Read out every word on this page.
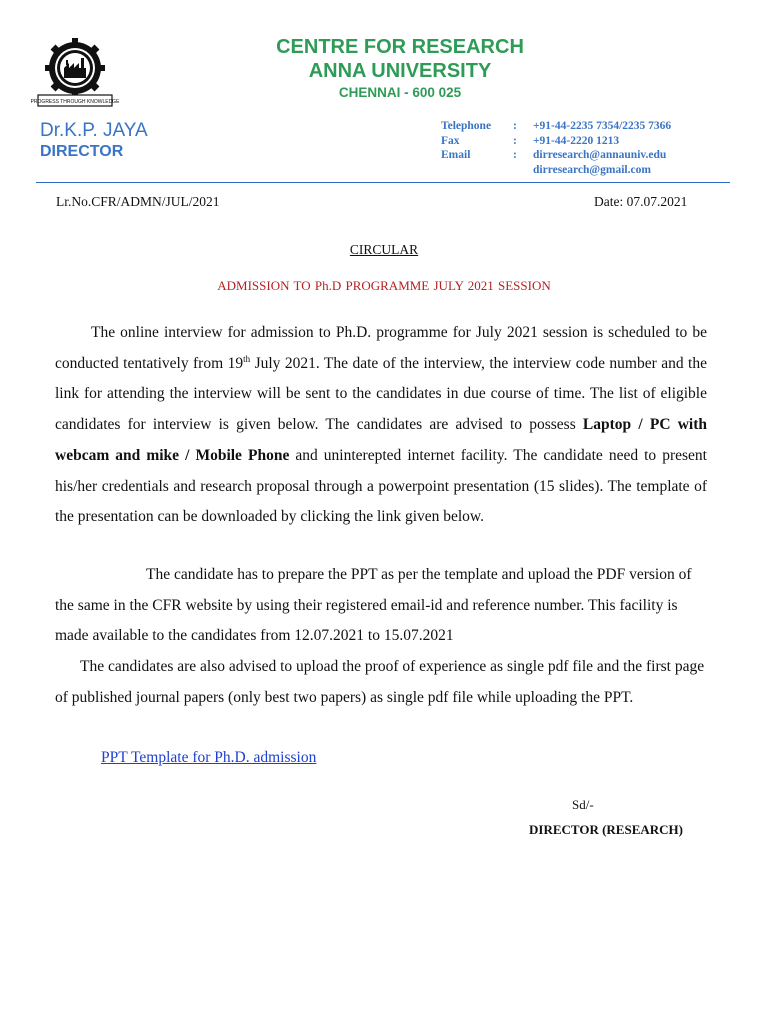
PROGRESS THROUGH KNOWLEDGE
CENTRE FOR RESEARCH
ANNA UNIVERSITY
CHENNAI - 600 025
Dr.K.P. JAYA
DIRECTOR
Telephone	:	+91-44-2235 7354/2235 7366
Fax	:	+91-44-2220 1213
Email	:	dirresearch@annauniv.edu
dirresearch@gmail.com
Lr.No.CFR/ADMN/JUL/2021	Date: 07.07.2021
CIRCULAR
ADMISSION TO Ph.D PROGRAMME JULY 2021 SESSION
The online interview for admission to Ph.D. programme for July 2021 session is scheduled to be conducted tentatively from 19th July 2021. The date of the interview, the interview code number and the link for attending the interview will be sent to the candidates in due course of time. The list of eligible candidates for interview is given below. The candidates are advised to possess Laptop / PC with webcam and mike / Mobile Phone and uninterepted internet facility. The candidate need to present his/her credentials and research proposal through a powerpoint presentation (15 slides). The template of the presentation can be downloaded by clicking the link given below.
The candidate has to prepare the PPT as per the template and upload the PDF version of the same in the CFR website by using their registered email-id and reference number. This facility is made available to the candidates from 12.07.2021 to 15.07.2021
The candidates are also advised to upload the proof of experience as single pdf file and the first page of published journal papers (only best two papers) as single pdf file while uploading the PPT.
PPT Template for Ph.D. admission
Sd/-
DIRECTOR (RESEARCH)
